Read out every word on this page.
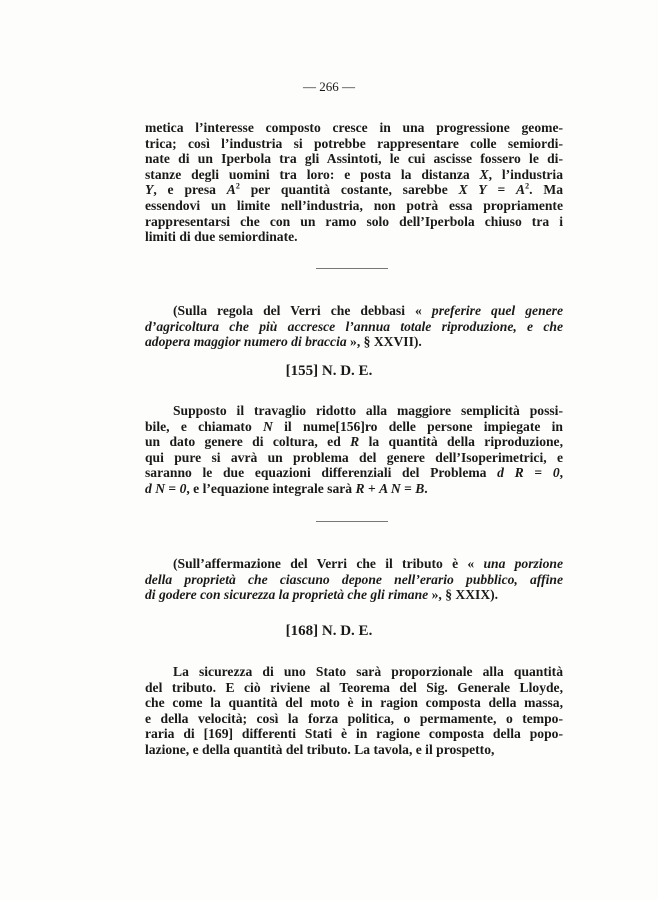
— 266 —
metica l’interesse composto cresce in una progressione geome-
trica; così l’industria si potrebbe rappresentare colle semiordi-
nate di un Iperbola tra gli Assintoti, le cui ascisse fossero le di-
stanze degli uomini tra loro: e posta la distanza X, l’industria
Y, e presa $A^2$ per quantità costante, sarebbe X $Y = A^2$. Ma
essendovi un limite nell’industria, non potrà essa propriamente
rappresentarsi che con un ramo solo dell’Iperbola chiuso tra i
limiti di due semiordinate.
(Sulla regola del Verri che debbasi « preferire quel genere
d’agricoltura che più accresce l’annua totale riproduzione, e che
adopera maggior numero di braccia », § XXVII).
[155] N. D. E.
Supposto il travaglio ridotto alla maggiore semplicità possi-
bile, e chiamato N il nume[156]ro delle persone impiegate in
un dato genere di coltura, ed R la quantità della riproduzione,
qui pure si avrà un problema del genere dell’Isoperimetrici, e
saranno le due equazioni differenziali del Problema d R = 0,
d N = 0, e l’equazione integrale sarà R + A N = B.
(Sull’affermazione del Verri che il tributo è « una porzione
della proprietà che ciascuno depone nell’erario pubblico, affine
di godere con sicurezza la proprietà che gli rimane », § XXIX).
[168] N. D. E.
La sicurezza di uno Stato sarà proporzionale alla quantità
del tributo. E ciò riviene al Teorema del Sig. Generale Lloyde,
che come la quantità del moto è in ragion composta della massa,
e della velocità; così la forza politica, o permamente, o tempo-
raria di [169] differenti Stati è in ragione composta della popo-
lazione, e della quantità del tributo. La tavola, e il prospetto,
